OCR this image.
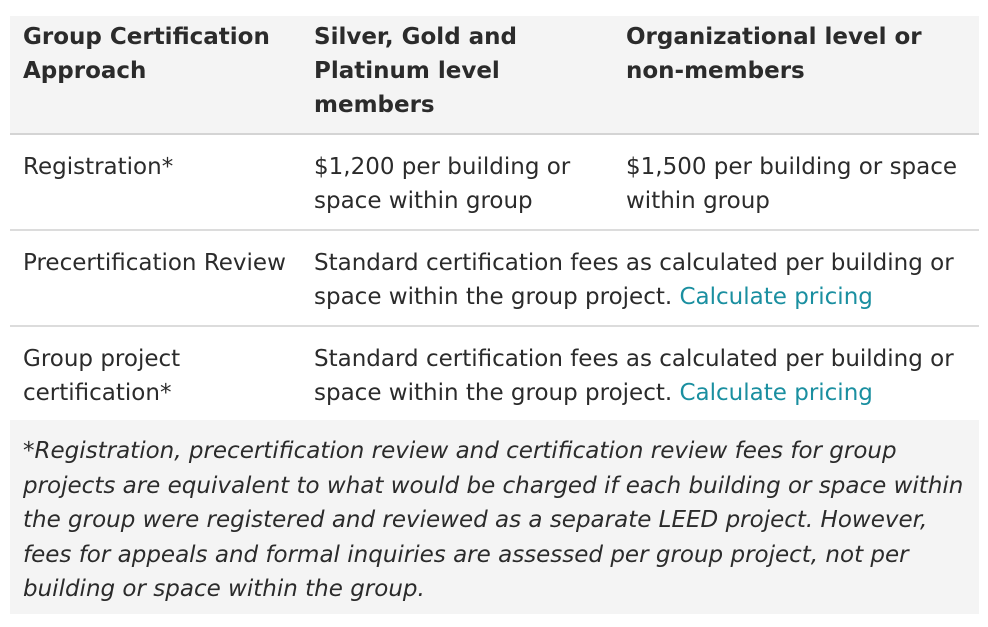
Group Certification Approach	Silver, Gold and Platinum level members	Organizational level or non-members
Registration*	$1,200 per building or space within group	$1,500 per building or space within group
Precertification Review	Standard certification fees as calculated per building or space within the group project. Calculate pricing	
Group project certification*	Standard certification fees as calculated per building or space within the group project. Calculate pricing	
*Registration, precertification review and certification review fees for group projects are equivalent to what would be charged if each building or space within the group were registered and reviewed as a separate LEED project. However, fees for appeals and formal inquiries are assessed per group project, not per building or space within the group.
